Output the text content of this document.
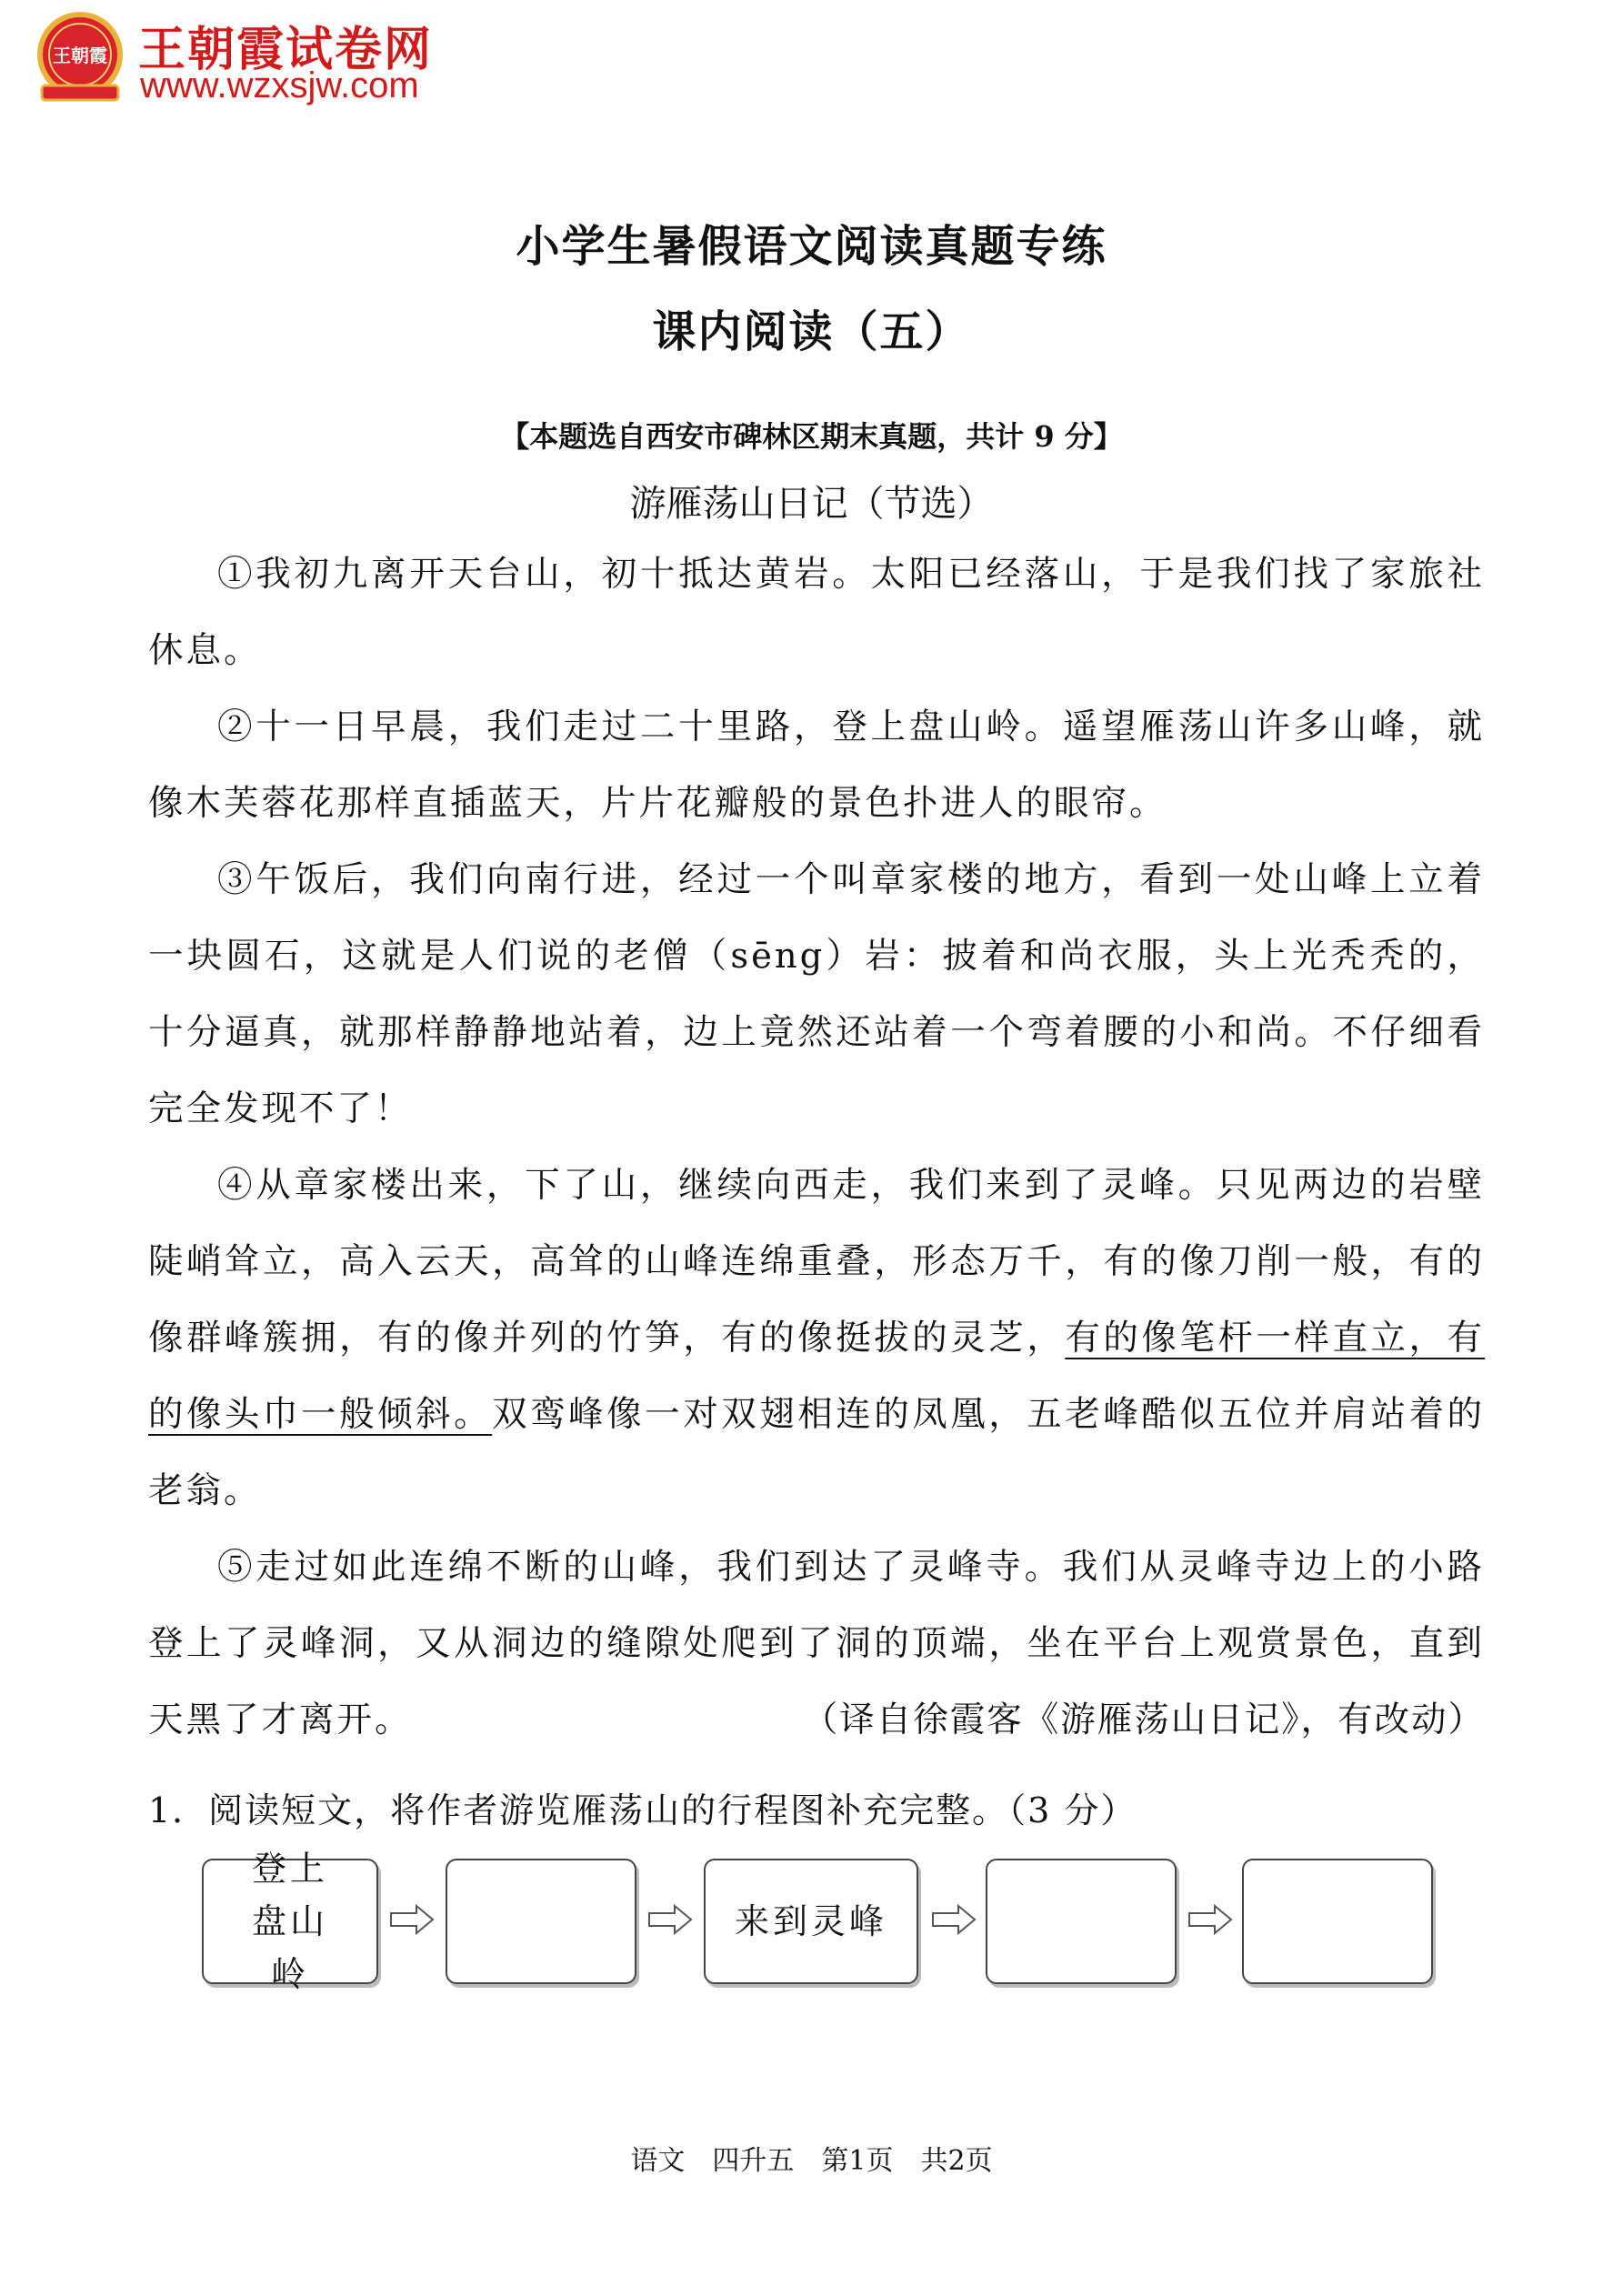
王朝霞 王朝霞试卷网
www.wzxsjw.com
小学生暑假语文阅读真题专练
课内阅读（五）
【本题选自西安市碑林区期末真题，共计 9 分】
游雁荡山日记（节选）

①我初九离开天台山，初十抵达黄岩。太阳已经落山，于是我们找了家旅社休息。

②十一日早晨，我们走过二十里路，登上盘山岭。遥望雁荡山许多山峰，就像木芙蓉花那样直插蓝天，片片花瓣般的景色扑进人的眼帘。

③午饭后，我们向南行进，经过一个叫章家楼的地方，看到一处山峰上立着一块圆石，这就是人们说的老僧（sēng）岩：披着和尚衣服，头上光秃秃的，十分逼真，就那样静静地站着，边上竟然还站着一个弯着腰的小和尚。不仔细看完全发现不了！

④从章家楼出来，下了山，继续向西走，我们来到了灵峰。只见两边的岩壁陡峭耸立，高入云天，高耸的山峰连绵重叠，形态万千，有的像刀削一般，有的像群峰簇拥，有的像并列的竹笋，有的像挺拔的灵芝，有的像笔杆一样直立，有的像头巾一般倾斜。双鸾峰像一对双翅相连的凤凰，五老峰酷似五位并肩站着的老翁。

⑤走过如此连绵不断的山峰，我们到达了灵峰寺。我们从灵峰寺边上的小路登上了灵峰洞，又从洞边的缝隙处爬到了洞的顶端，坐在平台上观赏景色，直到天黑了才离开。	（译自徐霞客《游雁荡山日记》，有改动）

1．阅读短文，将作者游览雁荡山的行程图补充完整。（3 分）
登上盘山岭
来到灵峰
语文　四升五　第1页　共2页
